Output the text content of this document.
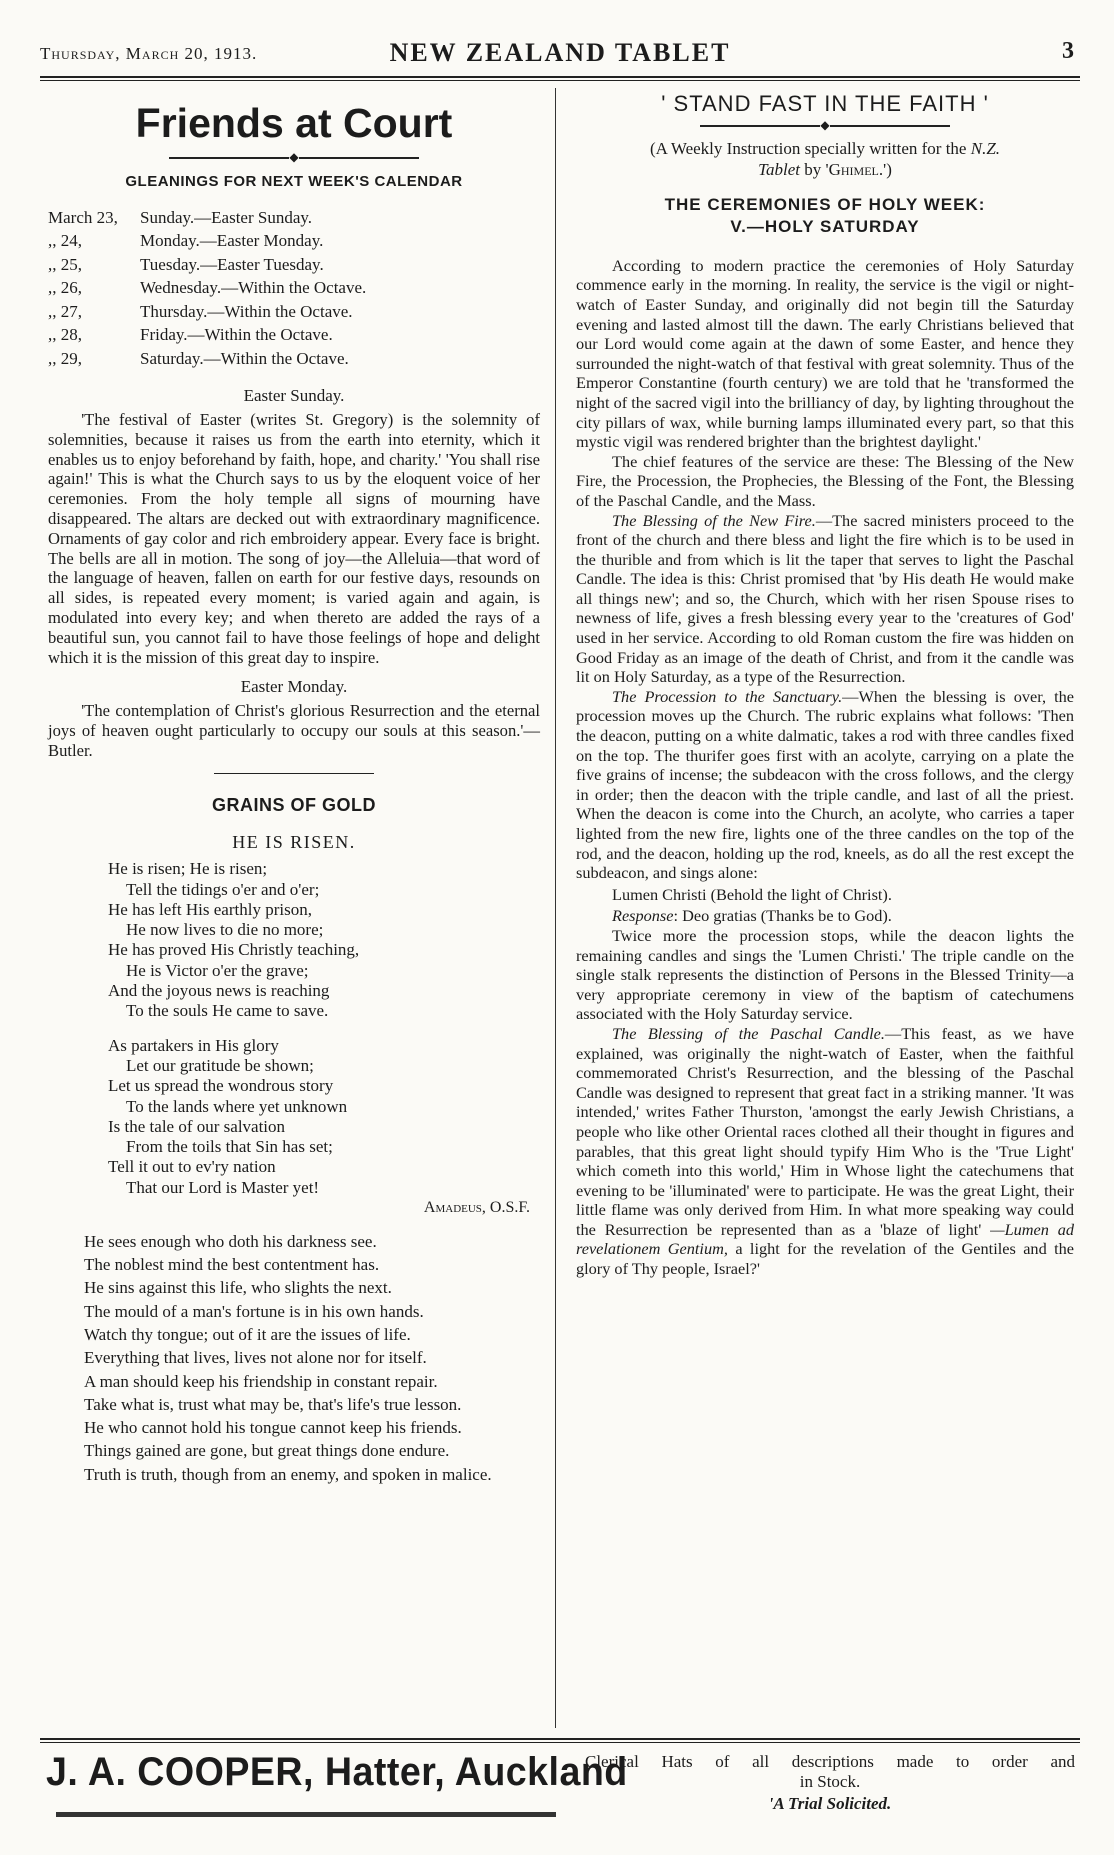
Thursday, March 20, 1913.	NEW ZEALAND TABLET	3
Friends at Court
◆
GLEANINGS FOR NEXT WEEK'S CALENDAR
March 23,	Sunday.—Easter Sunday.
,, 24,	Monday.—Easter Monday.
,, 25,	Tuesday.—Easter Tuesday.
,, 26,	Wednesday.—Within the Octave.
,, 27,	Thursday.—Within the Octave.
,, 28,	Friday.—Within the Octave.
,, 29,	Saturday.—Within the Octave.
Easter Sunday.

'The festival of Easter (writes St. Gregory) is the solemnity of solemnities, because it raises us from the earth into eternity, which it enables us to enjoy beforehand by faith, hope, and charity.' 'You shall rise again!' This is what the Church says to us by the eloquent voice of her ceremonies. From the holy temple all signs of mourning have disappeared. The altars are decked out with extraordinary magnificence. Ornaments of gay color and rich embroidery appear. Every face is bright. The bells are all in motion. The song of joy—the Alleluia—that word of the language of heaven, fallen on earth for our festive days, resounds on all sides, is repeated every moment; is varied again and again, is modulated into every key; and when thereto are added the rays of a beautiful sun, you cannot fail to have those feelings of hope and delight which it is the mission of this great day to inspire.

Easter Monday.

'The contemplation of Christ's glorious Resurrection and the eternal joys of heaven ought particularly to occupy our souls at this season.'—Butler.

GRAINS OF GOLD
HE IS RISEN.
He is risen; He is risen;
Tell the tidings o'er and o'er;
He has left His earthly prison,
He now lives to die no more;
He has proved His Christly teaching,
He is Victor o'er the grave;
And the joyous news is reaching
To the souls He came to save.
As partakers in His glory
Let our gratitude be shown;
Let us spread the wondrous story
To the lands where yet unknown
Is the tale of our salvation
From the toils that Sin has set;
Tell it out to ev'ry nation
That our Lord is Master yet!
Amadeus, O.S.F.

He sees enough who doth his darkness see.

The noblest mind the best contentment has.

He sins against this life, who slights the next.

The mould of a man's fortune is in his own hands.

Watch thy tongue; out of it are the issues of life.

Everything that lives, lives not alone nor for itself.

A man should keep his friendship in constant repair.

Take what is, trust what may be, that's life's true lesson.

He who cannot hold his tongue cannot keep his friends.

Things gained are gone, but great things done endure.

Truth is truth, though from an enemy, and spoken in malice.

' STAND FAST IN THE FAITH '
◆
(A Weekly Instruction specially written for the N.Z.
Tablet by 'Ghimel.')
THE CEREMONIES OF HOLY WEEK:
V.—HOLY SATURDAY

According to modern practice the ceremonies of Holy Saturday commence early in the morning. In reality, the service is the vigil or night-watch of Easter Sunday, and originally did not begin till the Saturday evening and lasted almost till the dawn. The early Christians believed that our Lord would come again at the dawn of some Easter, and hence they surrounded the night-watch of that festival with great solemnity. Thus of the Emperor Constantine (fourth century) we are told that he 'transformed the night of the sacred vigil into the brilliancy of day, by lighting throughout the city pillars of wax, while burning lamps illuminated every part, so that this mystic vigil was rendered brighter than the brightest daylight.'

The chief features of the service are these: The Blessing of the New Fire, the Procession, the Prophecies, the Blessing of the Font, the Blessing of the Paschal Candle, and the Mass.

The Blessing of the New Fire.—The sacred ministers proceed to the front of the church and there bless and light the fire which is to be used in the thurible and from which is lit the taper that serves to light the Paschal Candle. The idea is this: Christ promised that 'by His death He would make all things new'; and so, the Church, which with her risen Spouse rises to newness of life, gives a fresh blessing every year to the 'creatures of God' used in her service. According to old Roman custom the fire was hidden on Good Friday as an image of the death of Christ, and from it the candle was lit on Holy Saturday, as a type of the Resurrection.

The Procession to the Sanctuary.—When the blessing is over, the procession moves up the Church. The rubric explains what follows: 'Then the deacon, putting on a white dalmatic, takes a rod with three candles fixed on the top. The thurifer goes first with an acolyte, carrying on a plate the five grains of incense; the subdeacon with the cross follows, and the clergy in order; then the deacon with the triple candle, and last of all the priest. When the deacon is come into the Church, an acolyte, who carries a taper lighted from the new fire, lights one of the three candles on the top of the rod, and the deacon, holding up the rod, kneels, as do all the rest except the subdeacon, and sings alone:

Lumen Christi (Behold the light of Christ).
Response: Deo gratias (Thanks be to God).

Twice more the procession stops, while the deacon lights the remaining candles and sings the 'Lumen Christi.' The triple candle on the single stalk represents the distinction of Persons in the Blessed Trinity—a very appropriate ceremony in view of the baptism of catechumens associated with the Holy Saturday service.

The Blessing of the Paschal Candle.—This feast, as we have explained, was originally the night-watch of Easter, when the faithful commemorated Christ's Resurrection, and the blessing of the Paschal Candle was designed to represent that great fact in a striking manner. 'It was intended,' writes Father Thurston, 'amongst the early Jewish Christians, a people who like other Oriental races clothed all their thought in figures and parables, that this great light should typify Him Who is the 'True Light' which cometh into this world,' Him in Whose light the catechumens that evening to be 'illuminated' were to participate. He was the great Light, their little flame was only derived from Him. In what more speaking way could the Resurrection be represented than as a 'blaze of light' —Lumen ad revelationem Gentium, a light for the revelation of the Gentiles and the glory of Thy people, Israel?'

J. A. COOPER, Hatter, Auckland
Clerical Hats of all descriptions made to order and
in Stock.
'A Trial Solicited.
